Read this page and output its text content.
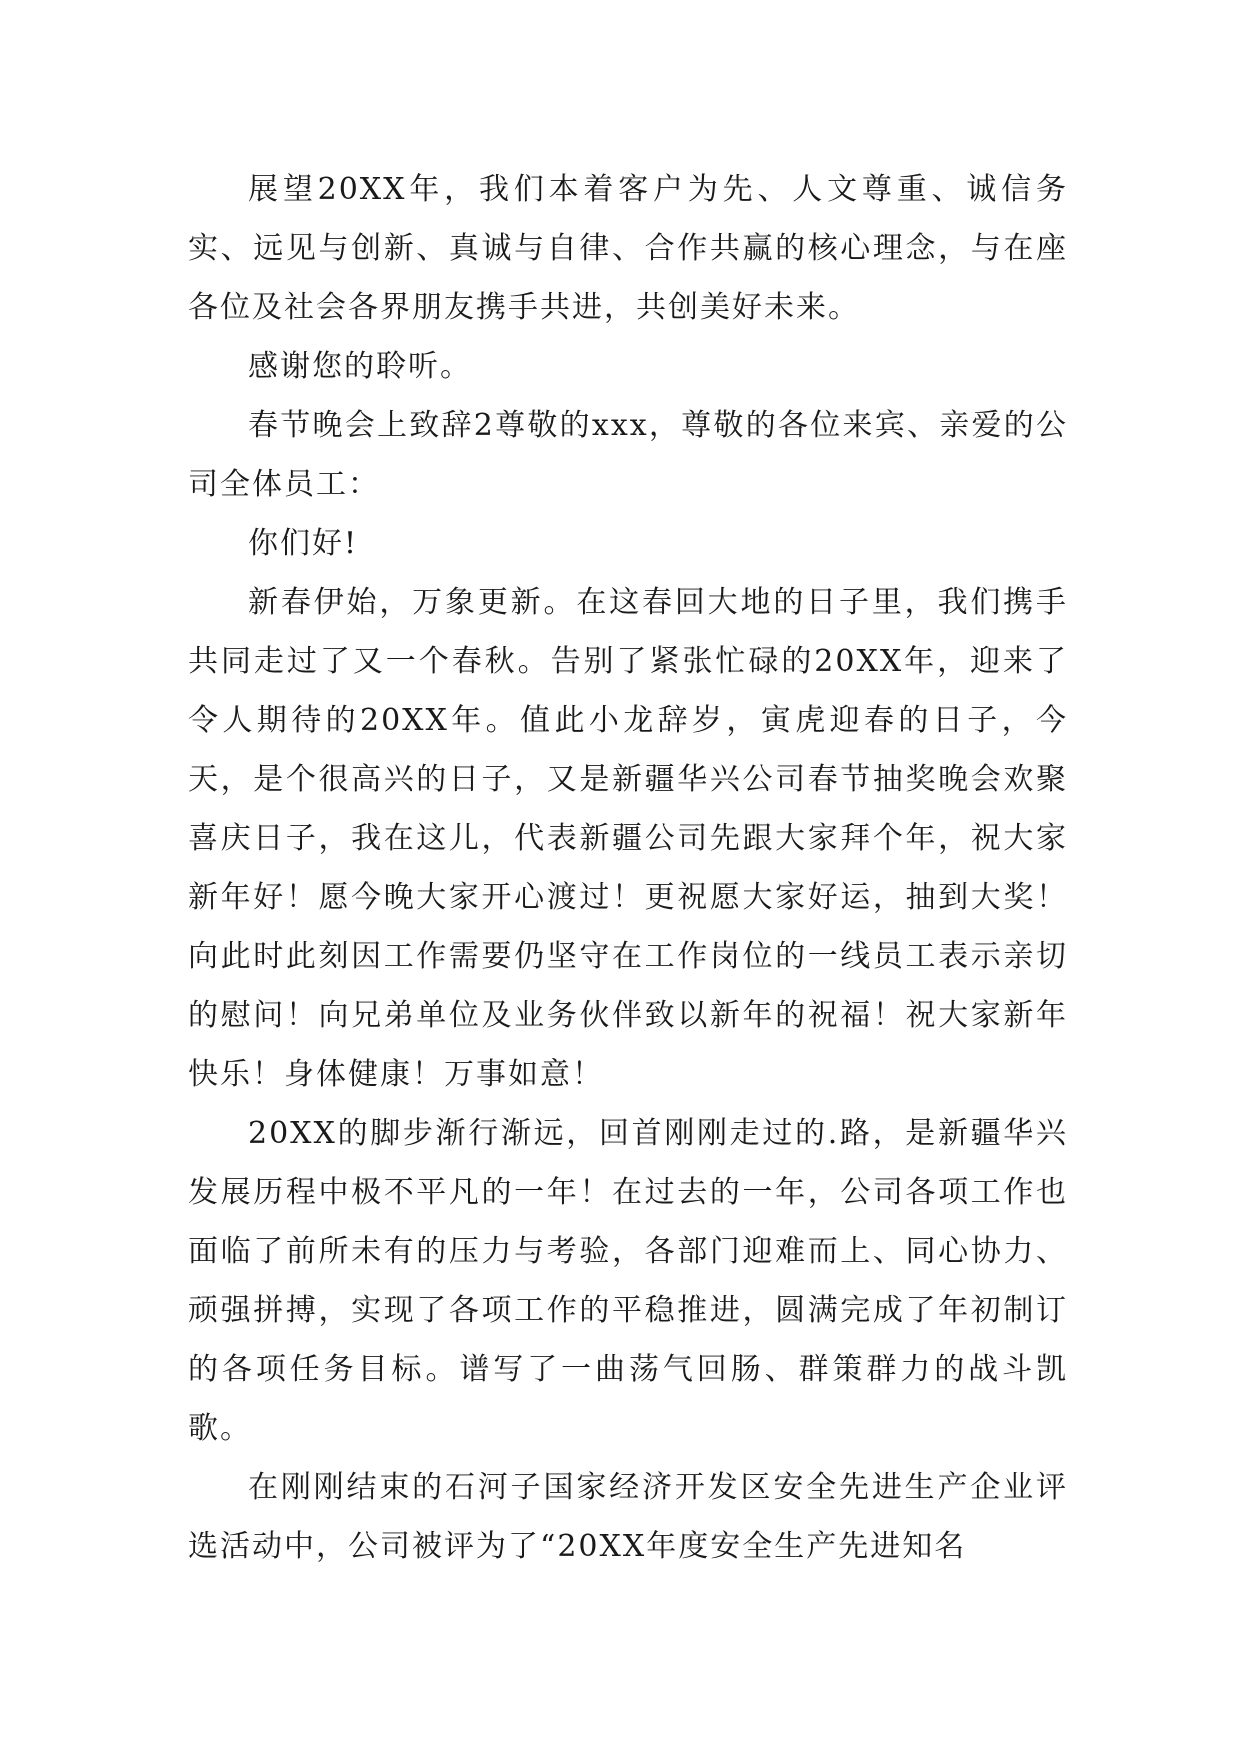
展望20XX年，我们本着客户为先、人文尊重、诚信务实、远见与创新、真诚与自律、合作共赢的核心理念，与在座各位及社会各界朋友携手共进，共创美好未来。

感谢您的聆听。

春节晚会上致辞2尊敬的xxx，尊敬的各位来宾、亲爱的公司全体员工：

你们好!

新春伊始，万象更新。在这春回大地的日子里，我们携手共同走过了又一个春秋。告别了紧张忙碌的20XX年，迎来了令人期待的20XX年。值此小龙辞岁，寅虎迎春的日子，今天，是个很高兴的日子，又是新疆华兴公司春节抽奖晚会欢聚喜庆日子，我在这儿，代表新疆公司先跟大家拜个年，祝大家新年好！愿今晚大家开心渡过！更祝愿大家好运，抽到大奖！向此时此刻因工作需要仍坚守在工作岗位的一线员工表示亲切的慰问！向兄弟单位及业务伙伴致以新年的祝福！祝大家新年快乐！身体健康！万事如意！

20XX的脚步渐行渐远，回首刚刚走过的.路，是新疆华兴发展历程中极不平凡的一年！在过去的一年，公司各项工作也面临了前所未有的压力与考验，各部门迎难而上、同心协力、顽强拼搏，实现了各项工作的平稳推进，圆满完成了年初制订的各项任务目标。谱写了一曲荡气回肠、群策群力的战斗凯歌。

在刚刚结束的石河子国家经济开发区安全先进生产企业评选活动中，公司被评为了“20XX年度安全生产先进知名
